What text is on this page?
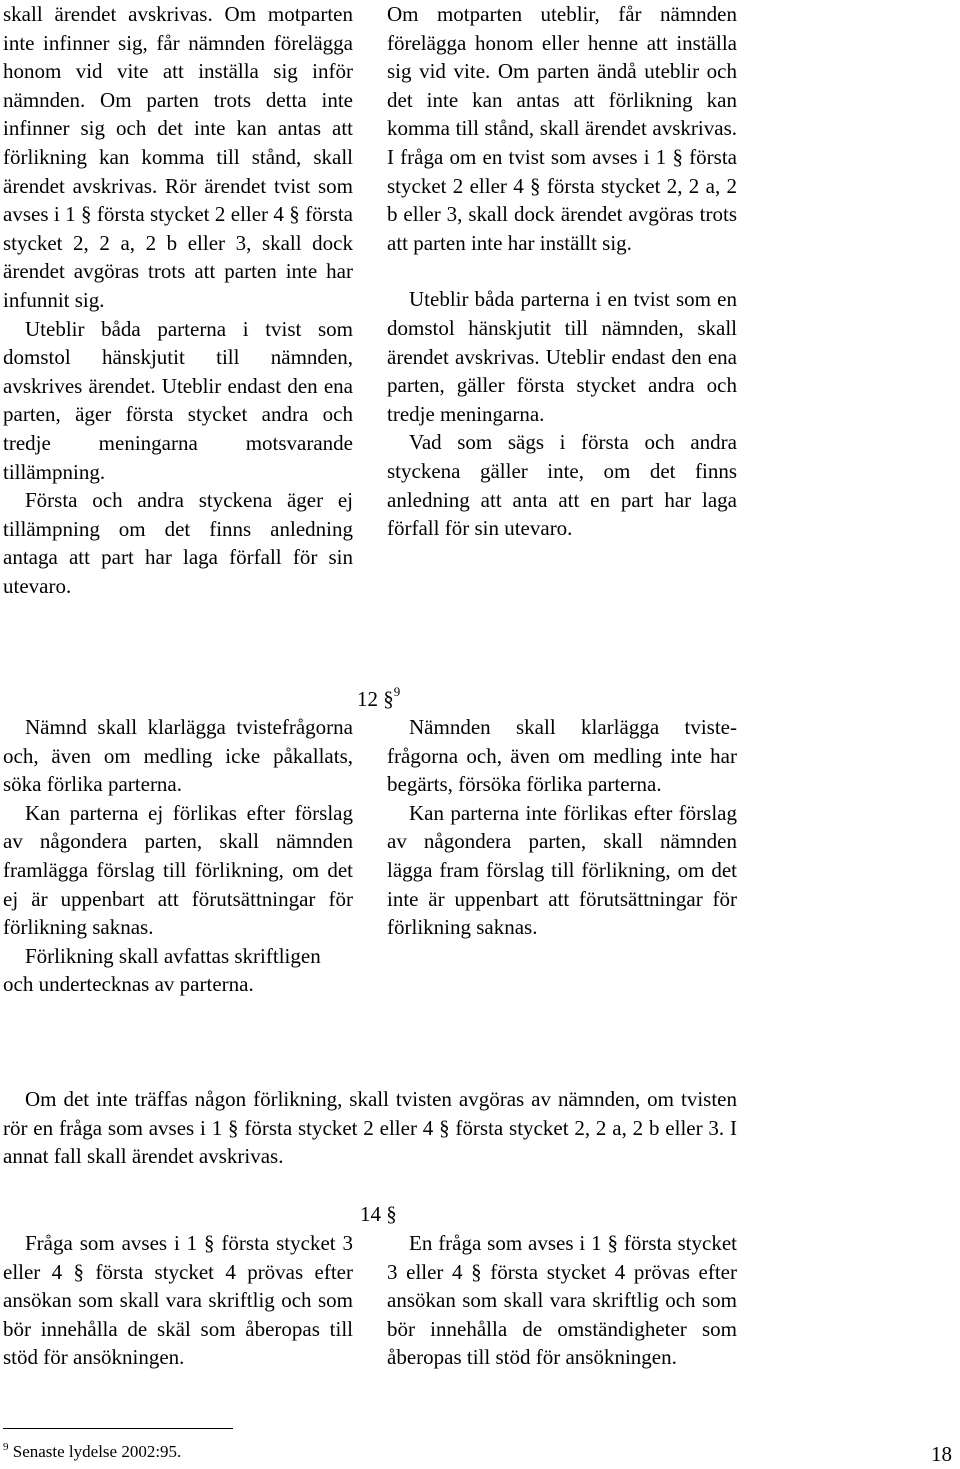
skall ärendet avskrivas. Om motparten inte infinner sig, får nämnden förelägga honom vid vite att inställa sig inför nämnden. Om parten trots detta inte infinner sig och det inte kan antas att förlikning kan komma till stånd, skall ärendet avskrivas. Rör ärendet tvist som avses i 1 § första stycket 2 eller 4 § första stycket 2, 2 a, 2 b eller 3, skall dock ärendet avgöras trots att parten inte har infunnit sig.

Uteblir båda parterna i tvist som domstol hänskjutit till nämnden, avskrives ärendet. Uteblir endast den ena parten, äger första stycket andra och tredje meningarna motsvarande tillämpning.

Första och andra styckena äger ej tillämpning om det finns anledning antaga att part har laga förfall för sin utevaro.

Om motparten uteblir, får nämnden förelägga honom eller henne att inställa sig vid vite. Om parten ändå uteblir och det inte kan antas att förlikning kan komma till stånd, skall ärendet avskrivas. I fråga om en tvist som avses i 1 § första stycket 2 eller 4 § första stycket 2, 2 a, 2 b eller 3, skall dock ärendet avgöras trots att parten inte har inställt sig.

Uteblir båda parterna i en tvist som en domstol hänskjutit till nämnden, skall ärendet avskrivas. Uteblir endast den ena parten, gäller första stycket andra och tredje meningarna.

Vad som sägs i första och andra styckena gäller inte, om det finns anledning att anta att en part har laga förfall för sin utevaro.

12 §$^9$

Nämnd skall klarlägga tvistefrågorna och, även om medling icke påkallats, söka förlika parterna.

Kan parterna ej förlikas efter förslag av någondera parten, skall nämnden framlägga förslag till förlikning, om det ej är uppenbart att förutsättningar för förlikning saknas.

Förlikning skall avfattas skriftligen och undertecknas av parterna.

Nämnden skall klarlägga tvistefrågorna och, även om medling inte har begärts, försöka förlika parterna.

Kan parterna inte förlikas efter förslag av någondera parten, skall nämnden lägga fram förslag till förlikning, om det inte är uppenbart att förutsättningar för förlikning saknas.

Om det inte träffas någon förlikning, skall tvisten avgöras av nämnden, om tvisten rör en fråga som avses i 1 § första stycket 2 eller 4 § första stycket 2, 2 a, 2 b eller 3. I annat fall skall ärendet avskrivas.

14 §

Fråga som avses i 1 § första stycket 3 eller 4 § första stycket 4 prövas efter ansökan som skall vara skriftlig och som bör innehålla de skäl som åberopas till stöd för ansökningen.

En fråga som avses i 1 § första stycket 3 eller 4 § första stycket 4 prövas efter ansökan som skall vara skriftlig och som bör innehålla de omständigheter som åberopas till stöd för ansökningen.

$^9$ Senaste lydelse 2002:95.	18
